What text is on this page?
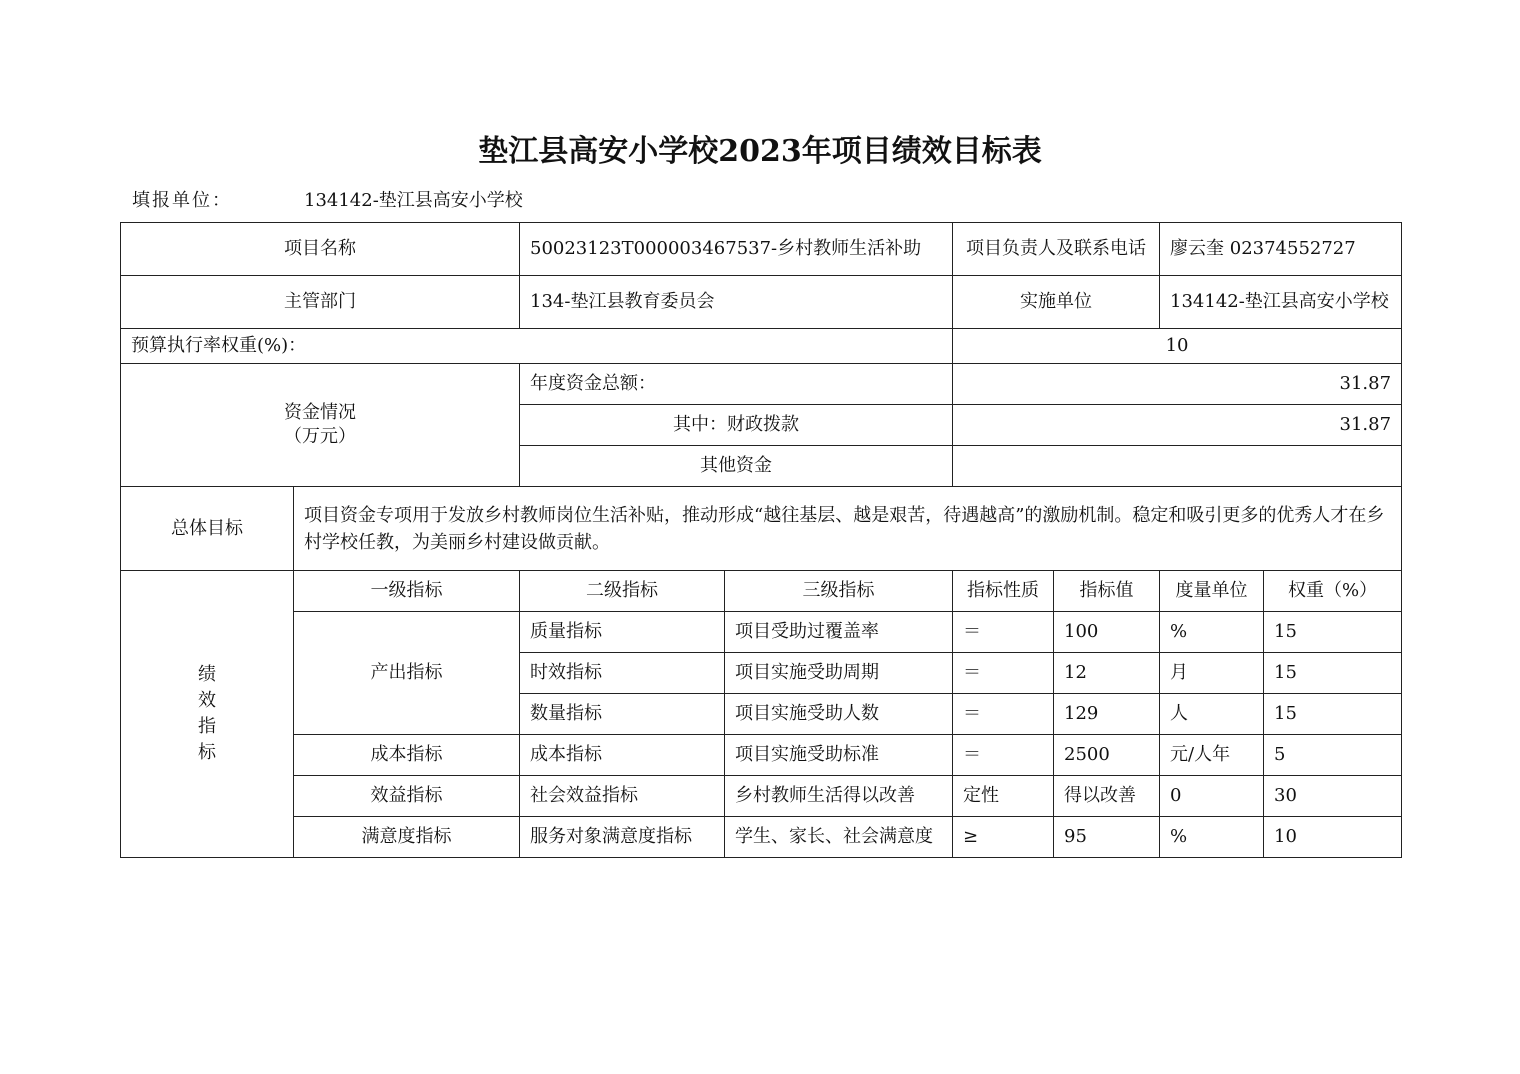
垫江县高安小学校2023年项目绩效目标表
填报单位：	134142-垫江县高安小学校
项目名称		50023123T000003467537-乡村教师生活补助		项目负责人及联系电话		廖云奎 02374552727	
主管部门		134-垫江县教育委员会		实施单位		134142-垫江县高安小学校	
预算执行率权重(%)：				10			

资金情况
（万元）		年度资金总额：		31.87			
		其中：财政拨款		31.87			
		其他资金					
总体目标	项目资金专项用于发放乡村教师岗位生活补贴，推动形成“越往基层、越是艰苦，待遇越高”的激励机制。稳定和吸引更多的优秀人才在乡村学校任教，为美丽乡村建设做贡献。						

绩
效
指
标	一级指标	二级指标	三级指标	指标性质	指标值	度量单位	权重（%）
	产出指标	质量指标	项目受助过覆盖率	＝	100	%	15
		时效指标	项目实施受助周期	＝	12	月	15
		数量指标	项目实施受助人数	＝	129	人	15
	成本指标	成本指标	项目实施受助标准	＝	2500	元/人年	5
	效益指标	社会效益指标	乡村教师生活得以改善	定性	得以改善	0	30
	满意度指标	服务对象满意度指标	学生、家长、社会满意度	≥	95	%	10
